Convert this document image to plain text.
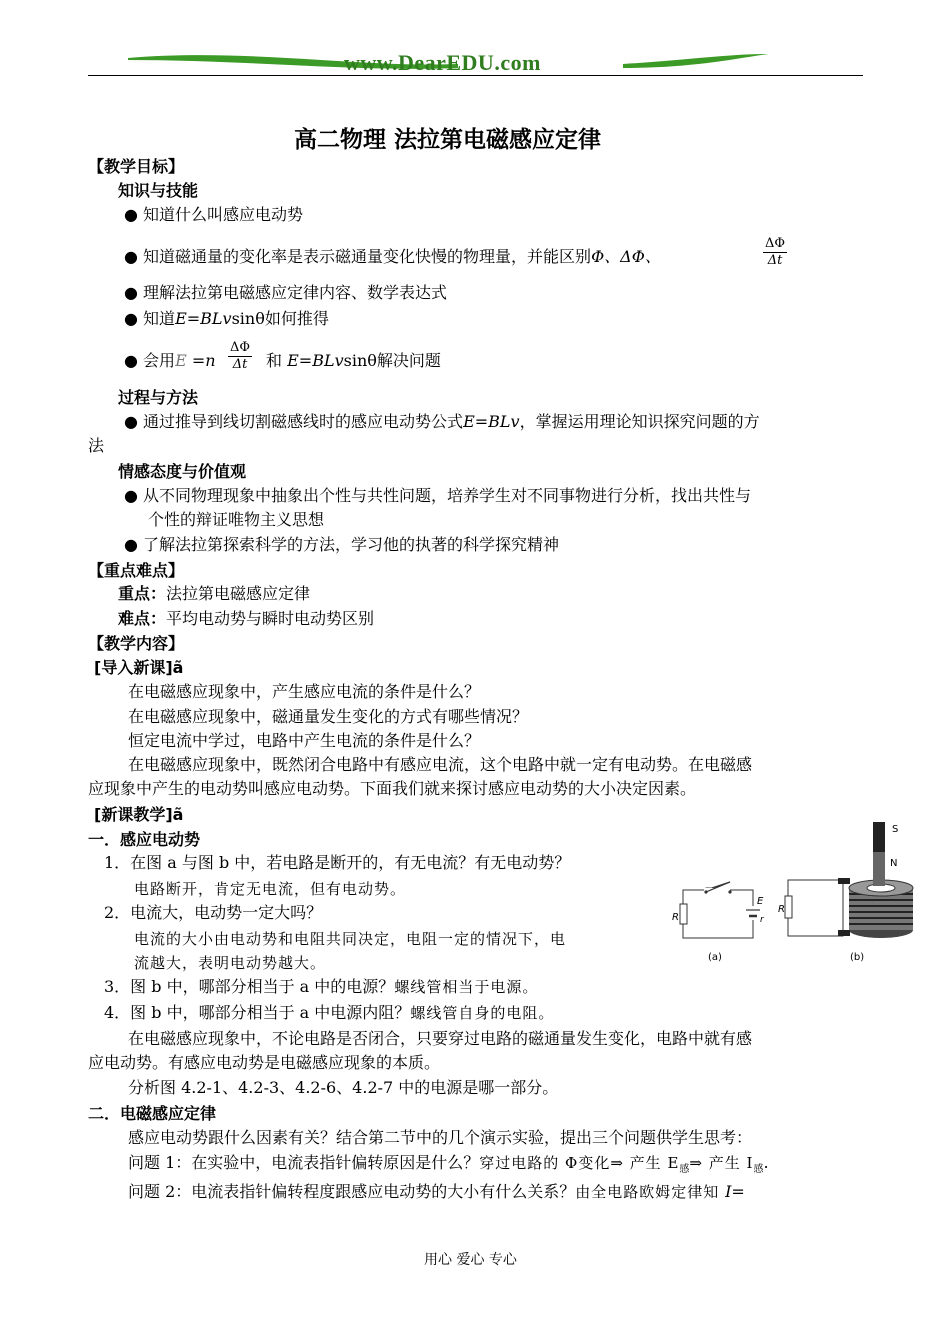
www.DearEDU.com
高二物理 法拉第电磁感应定律
【教学目标】
知识与技能
● 知道什么叫感应电动势
● 知道磁通量的变化率是表示磁通量变化快慢的物理量，并能区别Φ、ΔΦ、	$\frac{\Delta\Phi}{\Delta t}$
● 理解法拉第电磁感应定律内容、数学表达式
● 知道E=BLvsinθ如何推得
● 会用$E =n \frac{\Delta\Phi}{\Delta t}$ 和 E=BLvsinθ解决问题
过程与方法
● 通过推导到线切割磁感线时的感应电动势公式E=BLv，掌握运用理论知识探究问题的方
法
情感态度与价值观
● 从不同物理现象中抽象出个性与共性问题，培养学生对不同事物进行分析，找出共性与
个性的辩证唯物主义思想
● 了解法拉第探索科学的方法，学习他的执著的科学探究精神
【重点难点】
重点：法拉第电磁感应定律
难点：平均电动势与瞬时电动势区别
【教学内容】
[导入新课]ã
在电磁感应现象中，产生感应电流的条件是什么？
在电磁感应现象中，磁通量发生变化的方式有哪些情况？
恒定电流中学过，电路中产生电流的条件是什么？
在电磁感应现象中，既然闭合电路中有感应电流，这个电路中就一定有电动势。在电磁感
应现象中产生的电动势叫感应电动势。下面我们就来探讨感应电动势的大小决定因素。
[新课教学]ã
一．感应电动势
1．在图 a 与图 b 中，若电路是断开的，有无电流？有无电动势？
电路断开，肯定无电流，但有电动势。
2．电流大，电动势一定大吗？
电流的大小由电动势和电阻共同决定，电阻一定的情况下，电
流越大，表明电动势越大。
3．图 b 中，哪部分相当于 a 中的电源？螺线管相当于电源。
4．图 b 中，哪部分相当于 a 中电源内阻？螺线管自身的电阻。
在电磁感应现象中，不论电路是否闭合，只要穿过电路的磁通量发生变化，电路中就有感
应电动势。有感应电动势是电磁感应现象的本质。
分析图 4.2-1、4.2-3、4.2-6、4.2-7 中的电源是哪一部分。
二．电磁感应定律
感应电动势跟什么因素有关？结合第二节中的几个演示实验，提出三个问题供学生思考：
问题 1：在实验中，电流表指针偏转原因是什么？穿过电路的 Φ变化⇒ 产生 $E_感\Rightarrow$ 产生 $I_感$.
问题 2：电流表指针偏转程度跟感应电动势的大小有什么关系？由全电路欧姆定律知 I=
R
E
r
(a)
R
S
N
(b)
用心 爱心 专心
